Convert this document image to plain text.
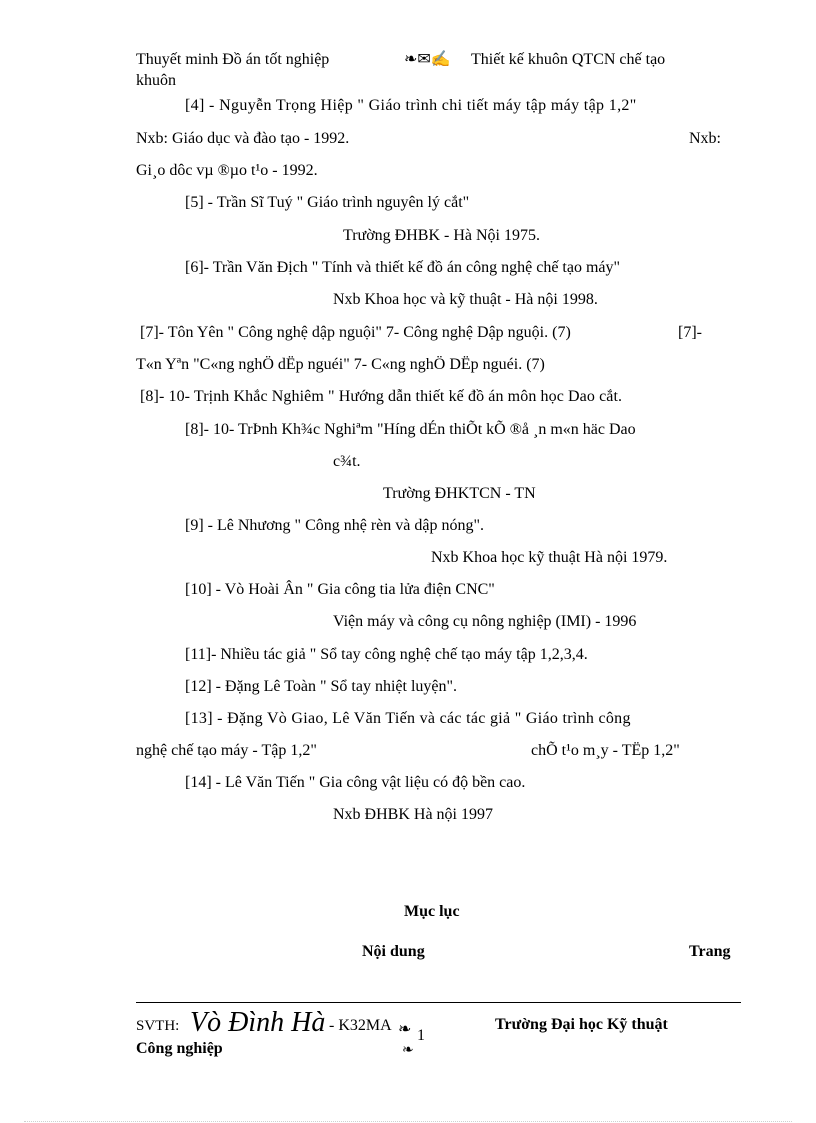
Thuyết minh Đồ án tốt nghiệp	❧✉✍ Thiết kế khuôn QTCN chế tạo
khuôn
[4] - Nguyễn Trọng Hiệp " Giáo trình chi tiết máy tập máy tập 1,2"
Nxb: Giáo dục và đào tạo - 1992.	Nxb:
Gi¸o dôc vµ ®µo t¹o - 1992.
[5] - Trần Sĩ Tuý " Giáo trình nguyên lý cắt"
Trường ĐHBK - Hà Nội 1975.
[6]- Trần Văn Địch " Tính và thiết kế đồ án công nghệ chế tạo máy"
Nxb Khoa học và kỹ thuật - Hà nội 1998.
[7]- Tôn Yên " Công nghệ dập nguội" 7- Công nghệ Dập nguội. (7)	[7]-
T«n Yªn "C«ng nghÖ dËp nguéi" 7- C«ng nghÖ DËp nguéi. (7)
[8]- 10- Trịnh Khắc Nghiêm " Hướng dẫn thiết kế đồ án môn học Dao cắt.
[8]- 10- TrÞnh Kh¾c Nghiªm "Híng dÉn thiÕt kÕ ®å ¸n m«n häc Dao
c¾t.
Trường ĐHKTCN - TN
[9] - Lê Nhương " Công nhệ rèn và dập nóng".
Nxb Khoa học kỹ thuật Hà nội 1979.
[10] - Vò Hoài Ân " Gia công tia lửa điện CNC"
Viện máy và công cụ nông nghiệp (IMI) - 1996
[11]- Nhiều tác giả " Sổ tay công nghệ chế tạo máy tập 1,2,3,4.
[12] - Đặng Lê Toàn " Sổ tay nhiệt luyện".
[13] - Đặng Vò Giao, Lê Văn Tiến và các tác giả " Giáo trình công
nghệ chế tạo máy - Tập 1,2"	chÕ t¹o m¸y - TËp 1,2"
[14] - Lê Văn Tiến " Gia công vật liệu có độ bền cao.
Nxb ĐHBK Hà nội 1997
Mục lục
Nội dung	Trang
SVTH: Vò Đình Hà - K32MA ❧ 1
❧
Trường Đại học Kỹ thuật
Công nghiệp
